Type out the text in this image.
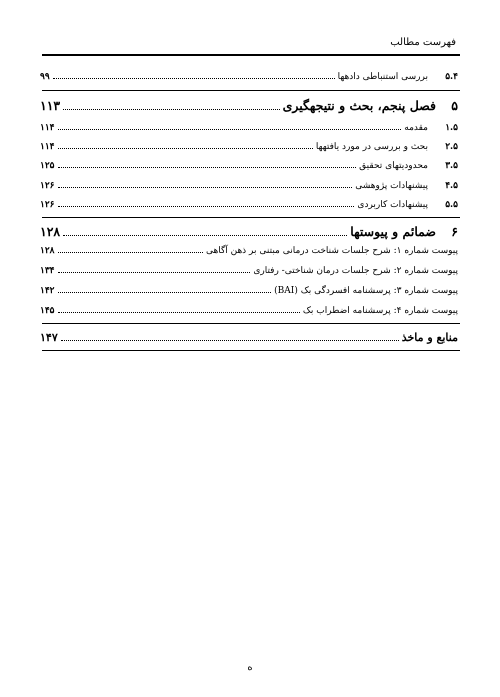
فهرست مطالب
۵.۴
بررسی استنباطی دادهها
۹۹
۵
فصل پنجم، بحث و نتیجهگیری
۱۱۳
۱.۵
مقدمه
۱۱۴
۲.۵
بحث و بررسی در مورد یافتهها
۱۱۴
۳.۵
محدودیتهای تحقیق
۱۲۵
۴.۵
پیشنهادات پژوهشی
۱۲۶
۵.۵
پیشنهادات کاربردی
۱۲۶
۶
ضمائم و پیوستها
۱۲۸
پیوست شماره ۱: شرح جلسات شناخت درمانی مبتنی بر ذهن آگاهی
۱۲۸
پیوست شماره ۲: شرح جلسات درمان شناختی- رفتاری
۱۳۴
پیوست شماره ۳: پرسشنامه افسردگی بک (BAI)
۱۴۲
پیوست شماره ۴: پرسشنامه اضطراب بک
۱۴۵
منابع و ماخذ
۱۴۷
ه
